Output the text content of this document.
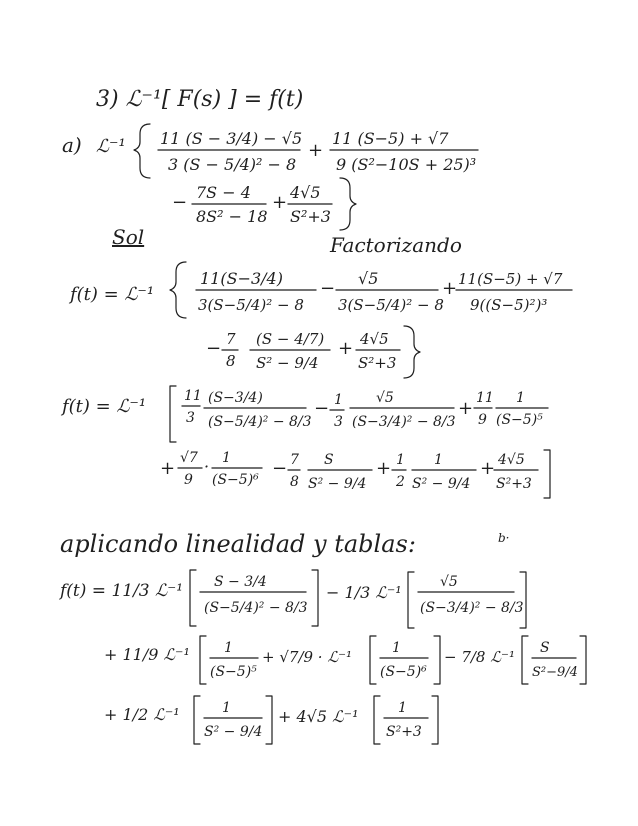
3) ℒ⁻¹[ F(s) ] = f(t)
a) ℒ⁻¹ 11 (S − 3/4) − √5
3 (S − 5/4)² − 8
+
11 (S−5) + √7
9 (S²−10S + 25)³
− 7S − 4
8S² − 18
+ 4√5
S²+3
Sol	Factorizando
f(t) = ℒ⁻¹
11(S−3/4)
3(S−5/4)² − 8
− √5
3(S−5/4)² − 8
+ 11(S−5) + √7
9((S−5)²)³
− 7
8
(S − 4/7)
S² − 9/4
+ 4√5
S²+3
f(t) = ℒ⁻¹	11
3
(S−3/4)
(S−5/4)² − 8/3
− 1
3
√5
(S−3/4)² − 8/3
+ 11
9
1
(S−5)⁵
+ √7
9
· 1
(S−5)⁶
− 7
8
S
S² − 9/4
+ 1
2
1
S² − 9/4
+ 4√5
S²+3
aplicando linealidad y tablas:	b·
f(t) = 11/3 ℒ⁻¹ S − 3/4
(S−5/4)² − 8/3
− 1/3 ℒ⁻¹
√5
(S−3/4)² − 8/3
+ 11/9 ℒ⁻¹ 1
(S−5)⁵
+ √7/9 · ℒ⁻¹	1
(S−5)⁶
− 7/8 ℒ⁻¹ S
S²−9/4
+ 1/2 ℒ⁻¹	1
S² − 9/4
+ 4√5 ℒ⁻¹	1
S²+3
